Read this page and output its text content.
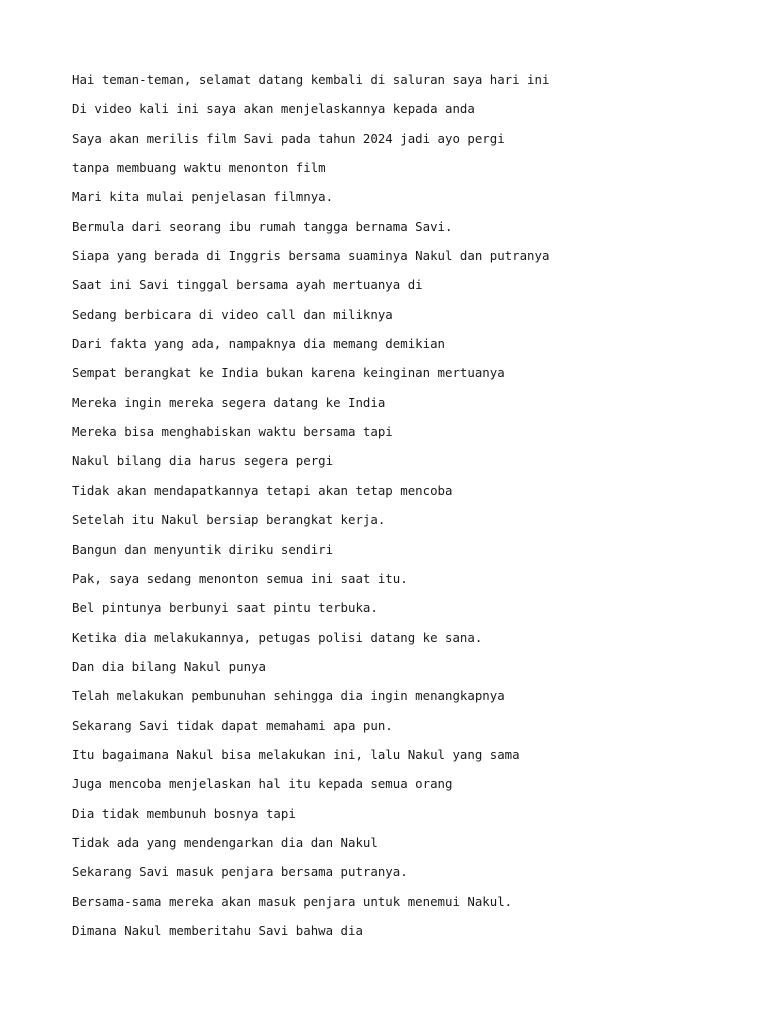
Hai teman-teman, selamat datang kembali di saluran saya hari ini
Di video kali ini saya akan menjelaskannya kepada anda
Saya akan merilis film Savi pada tahun 2024 jadi ayo pergi
tanpa membuang waktu menonton film
Mari kita mulai penjelasan filmnya.
Bermula dari seorang ibu rumah tangga bernama Savi.
Siapa yang berada di Inggris bersama suaminya Nakul dan putranya
Saat ini Savi tinggal bersama ayah mertuanya di
Sedang berbicara di video call dan miliknya
Dari fakta yang ada, nampaknya dia memang demikian
Sempat berangkat ke India bukan karena keinginan mertuanya
Mereka ingin mereka segera datang ke India
Mereka bisa menghabiskan waktu bersama tapi
Nakul bilang dia harus segera pergi
Tidak akan mendapatkannya tetapi akan tetap mencoba
Setelah itu Nakul bersiap berangkat kerja.
Bangun dan menyuntik diriku sendiri
Pak, saya sedang menonton semua ini saat itu.
Bel pintunya berbunyi saat pintu terbuka.
Ketika dia melakukannya, petugas polisi datang ke sana.
Dan dia bilang Nakul punya
Telah melakukan pembunuhan sehingga dia ingin menangkapnya
Sekarang Savi tidak dapat memahami apa pun.
Itu bagaimana Nakul bisa melakukan ini, lalu Nakul yang sama
Juga mencoba menjelaskan hal itu kepada semua orang
Dia tidak membunuh bosnya tapi
Tidak ada yang mendengarkan dia dan Nakul
Sekarang Savi masuk penjara bersama putranya.
Bersama-sama mereka akan masuk penjara untuk menemui Nakul.
Dimana Nakul memberitahu Savi bahwa dia
